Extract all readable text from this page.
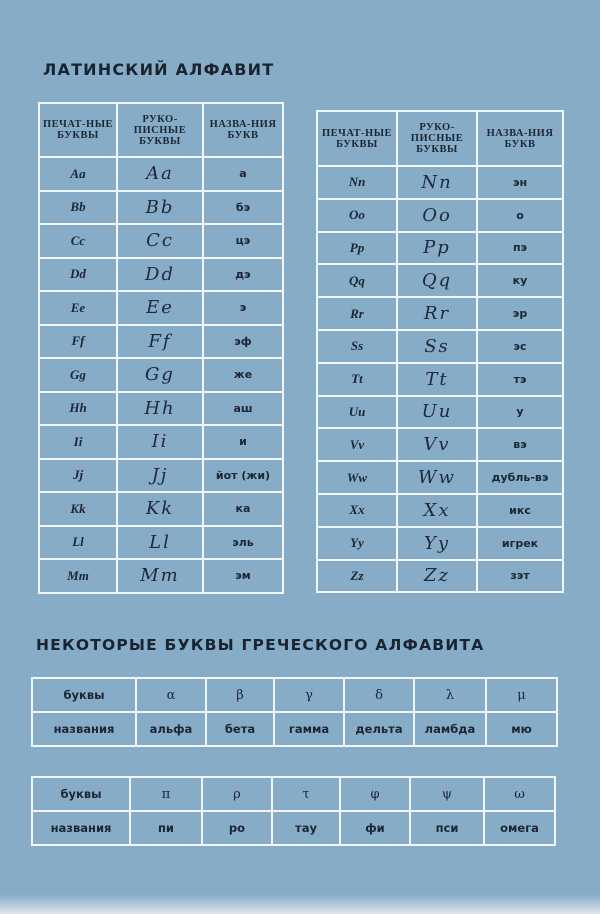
ЛАТИНСКИЙ АЛФАВИТ
ПЕЧАТ-НЫЕ БУКВЫ	РУКО-ПИСНЫЕ БУКВЫ	НАЗВА-НИЯ БУКВ
Aa	Aa	а
Bb	Bb	бэ
Cc	Cc	цэ
Dd	Dd	дэ
Ee	Ee	э
Ff	Ff	эф
Gg	Gg	же
Hh	Hh	аш
Ii	Ii	и
Jj	Jj	йот (жи)
Kk	Kk	ка
Ll	Ll	эль
Mm	Mm	эм
ПЕЧАТ-НЫЕ БУКВЫ	РУКО-ПИСНЫЕ БУКВЫ	НАЗВА-НИЯ БУКВ
Nn	Nn	эн
Oo	Oo	о
Pp	Pp	пэ
Qq	Qq	ку
Rr	Rr	эр
Ss	Ss	эс
Tt	Tt	тэ
Uu	Uu	у
Vv	Vv	вэ
Ww	Ww	дубль-вэ
Xx	Xx	икс
Yy	Yy	игрек
Zz	Zz	зэт
НЕКОТОРЫЕ БУКВЫ ГРЕЧЕСКОГО АЛФАВИТА
буквы	α	β	γ	δ	λ	μ
названия	альфа	бета	гамма	дельта	ламбда	мю
буквы	π	ρ	τ	φ	ψ	ω
названия	пи	ро	тау	фи	пси	омега
